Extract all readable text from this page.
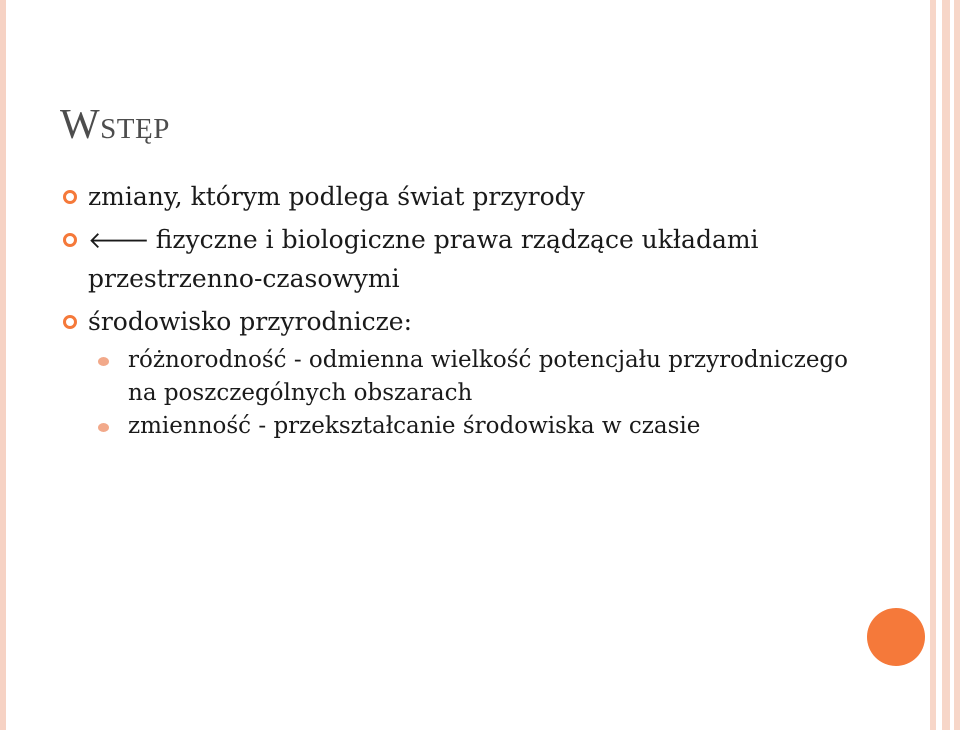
Wstęp
zmiany, którym podlega świat przyrody
🡐 fizyczne i biologiczne prawa rządzące układami przestrzenno-czasowymi
środowisko przyrodnicze:
różnorodność - odmienna wielkość potencjału przyrodniczego na poszczególnych obszarach
zmienność - przekształcanie środowiska w czasie
